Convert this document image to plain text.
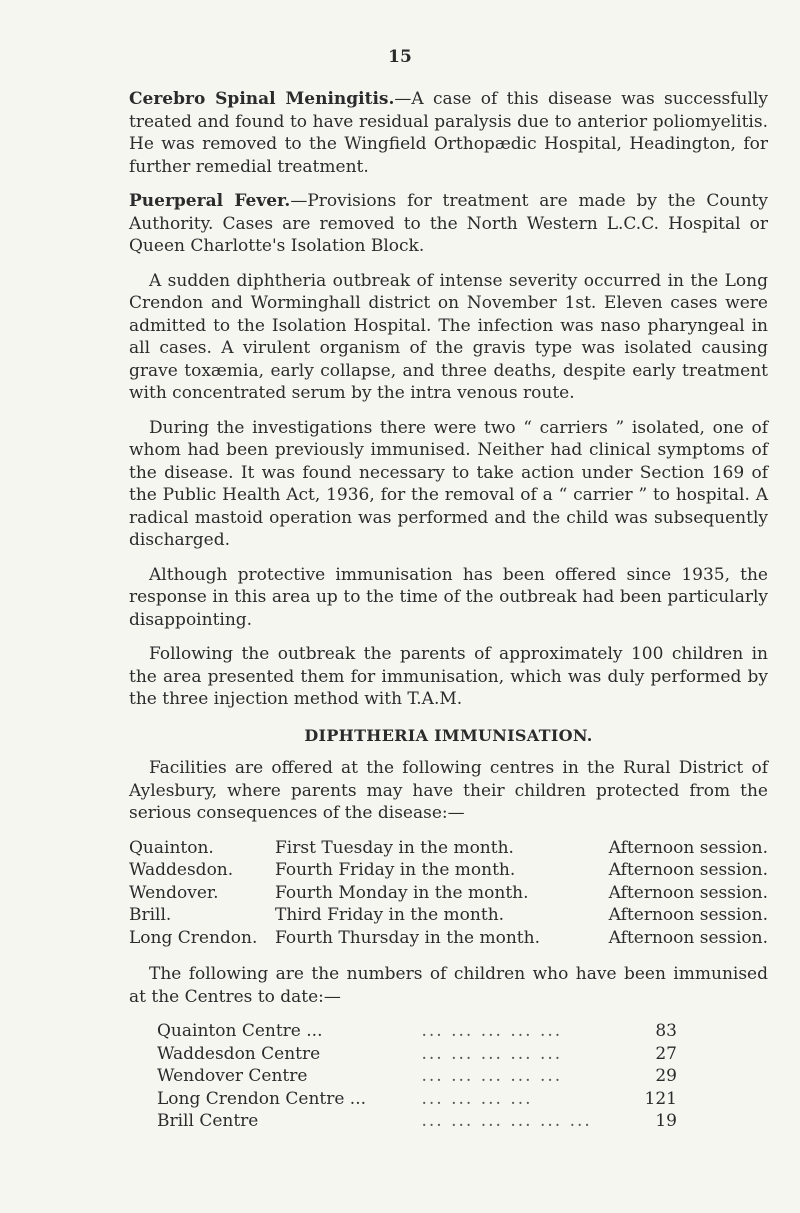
15

Cerebro Spinal Meningitis.—A case of this disease was successfully treated and found to have residual paralysis due to anterior poliomyelitis. He was removed to the Wingfield Orthopædic Hospital, Headington, for further remedial treatment.

Puerperal Fever.—Provisions for treatment are made by the County Authority. Cases are removed to the North Western L.C.C. Hospital or Queen Charlotte's Isolation Block.

A sudden diphtheria outbreak of intense severity occurred in the Long Crendon and Worminghall district on November 1st. Eleven cases were admitted to the Isolation Hospital. The infection was naso pharyngeal in all cases. A virulent organism of the gravis type was isolated causing grave toxæmia, early collapse, and three deaths, despite early treatment with concentrated serum by the intra venous route.

During the investigations there were two “ carriers ” isolated, one of whom had been previously immunised. Neither had clinical symptoms of the disease. It was found necessary to take action under Section 169 of the Public Health Act, 1936, for the removal of a “ carrier ” to hospital. A radical mastoid operation was performed and the child was subsequently discharged.

Although protective immunisation has been offered since 1935, the response in this area up to the time of the outbreak had been particularly disappointing.

Following the outbreak the parents of approximately 100 children in the area presented them for immunisation, which was duly performed by the three injection method with T.A.M.

DIPHTHERIA IMMUNISATION.

Facilities are offered at the following centres in the Rural District of Aylesbury, where parents may have their children protected from the serious consequences of the disease:—

Quainton.	First Tuesday in the month.	Afternoon session.
Waddesdon.	Fourth Friday in the month.	Afternoon session.
Wendover.	Fourth Monday in the month.	Afternoon session.
Brill.	Third Friday in the month.	Afternoon session.
Long Crendon.	Fourth Thursday in the month.	Afternoon session.

The following are the numbers of children who have been immunised at the Centres to date:—

Quainton Centre ...	... ... ... ... ...	83
Waddesdon Centre	... ... ... ... ...	27
Wendover Centre	... ... ... ... ...	29
Long Crendon Centre ...	... ... ... ...	121
Brill Centre	... ... ... ... ... ...	19
